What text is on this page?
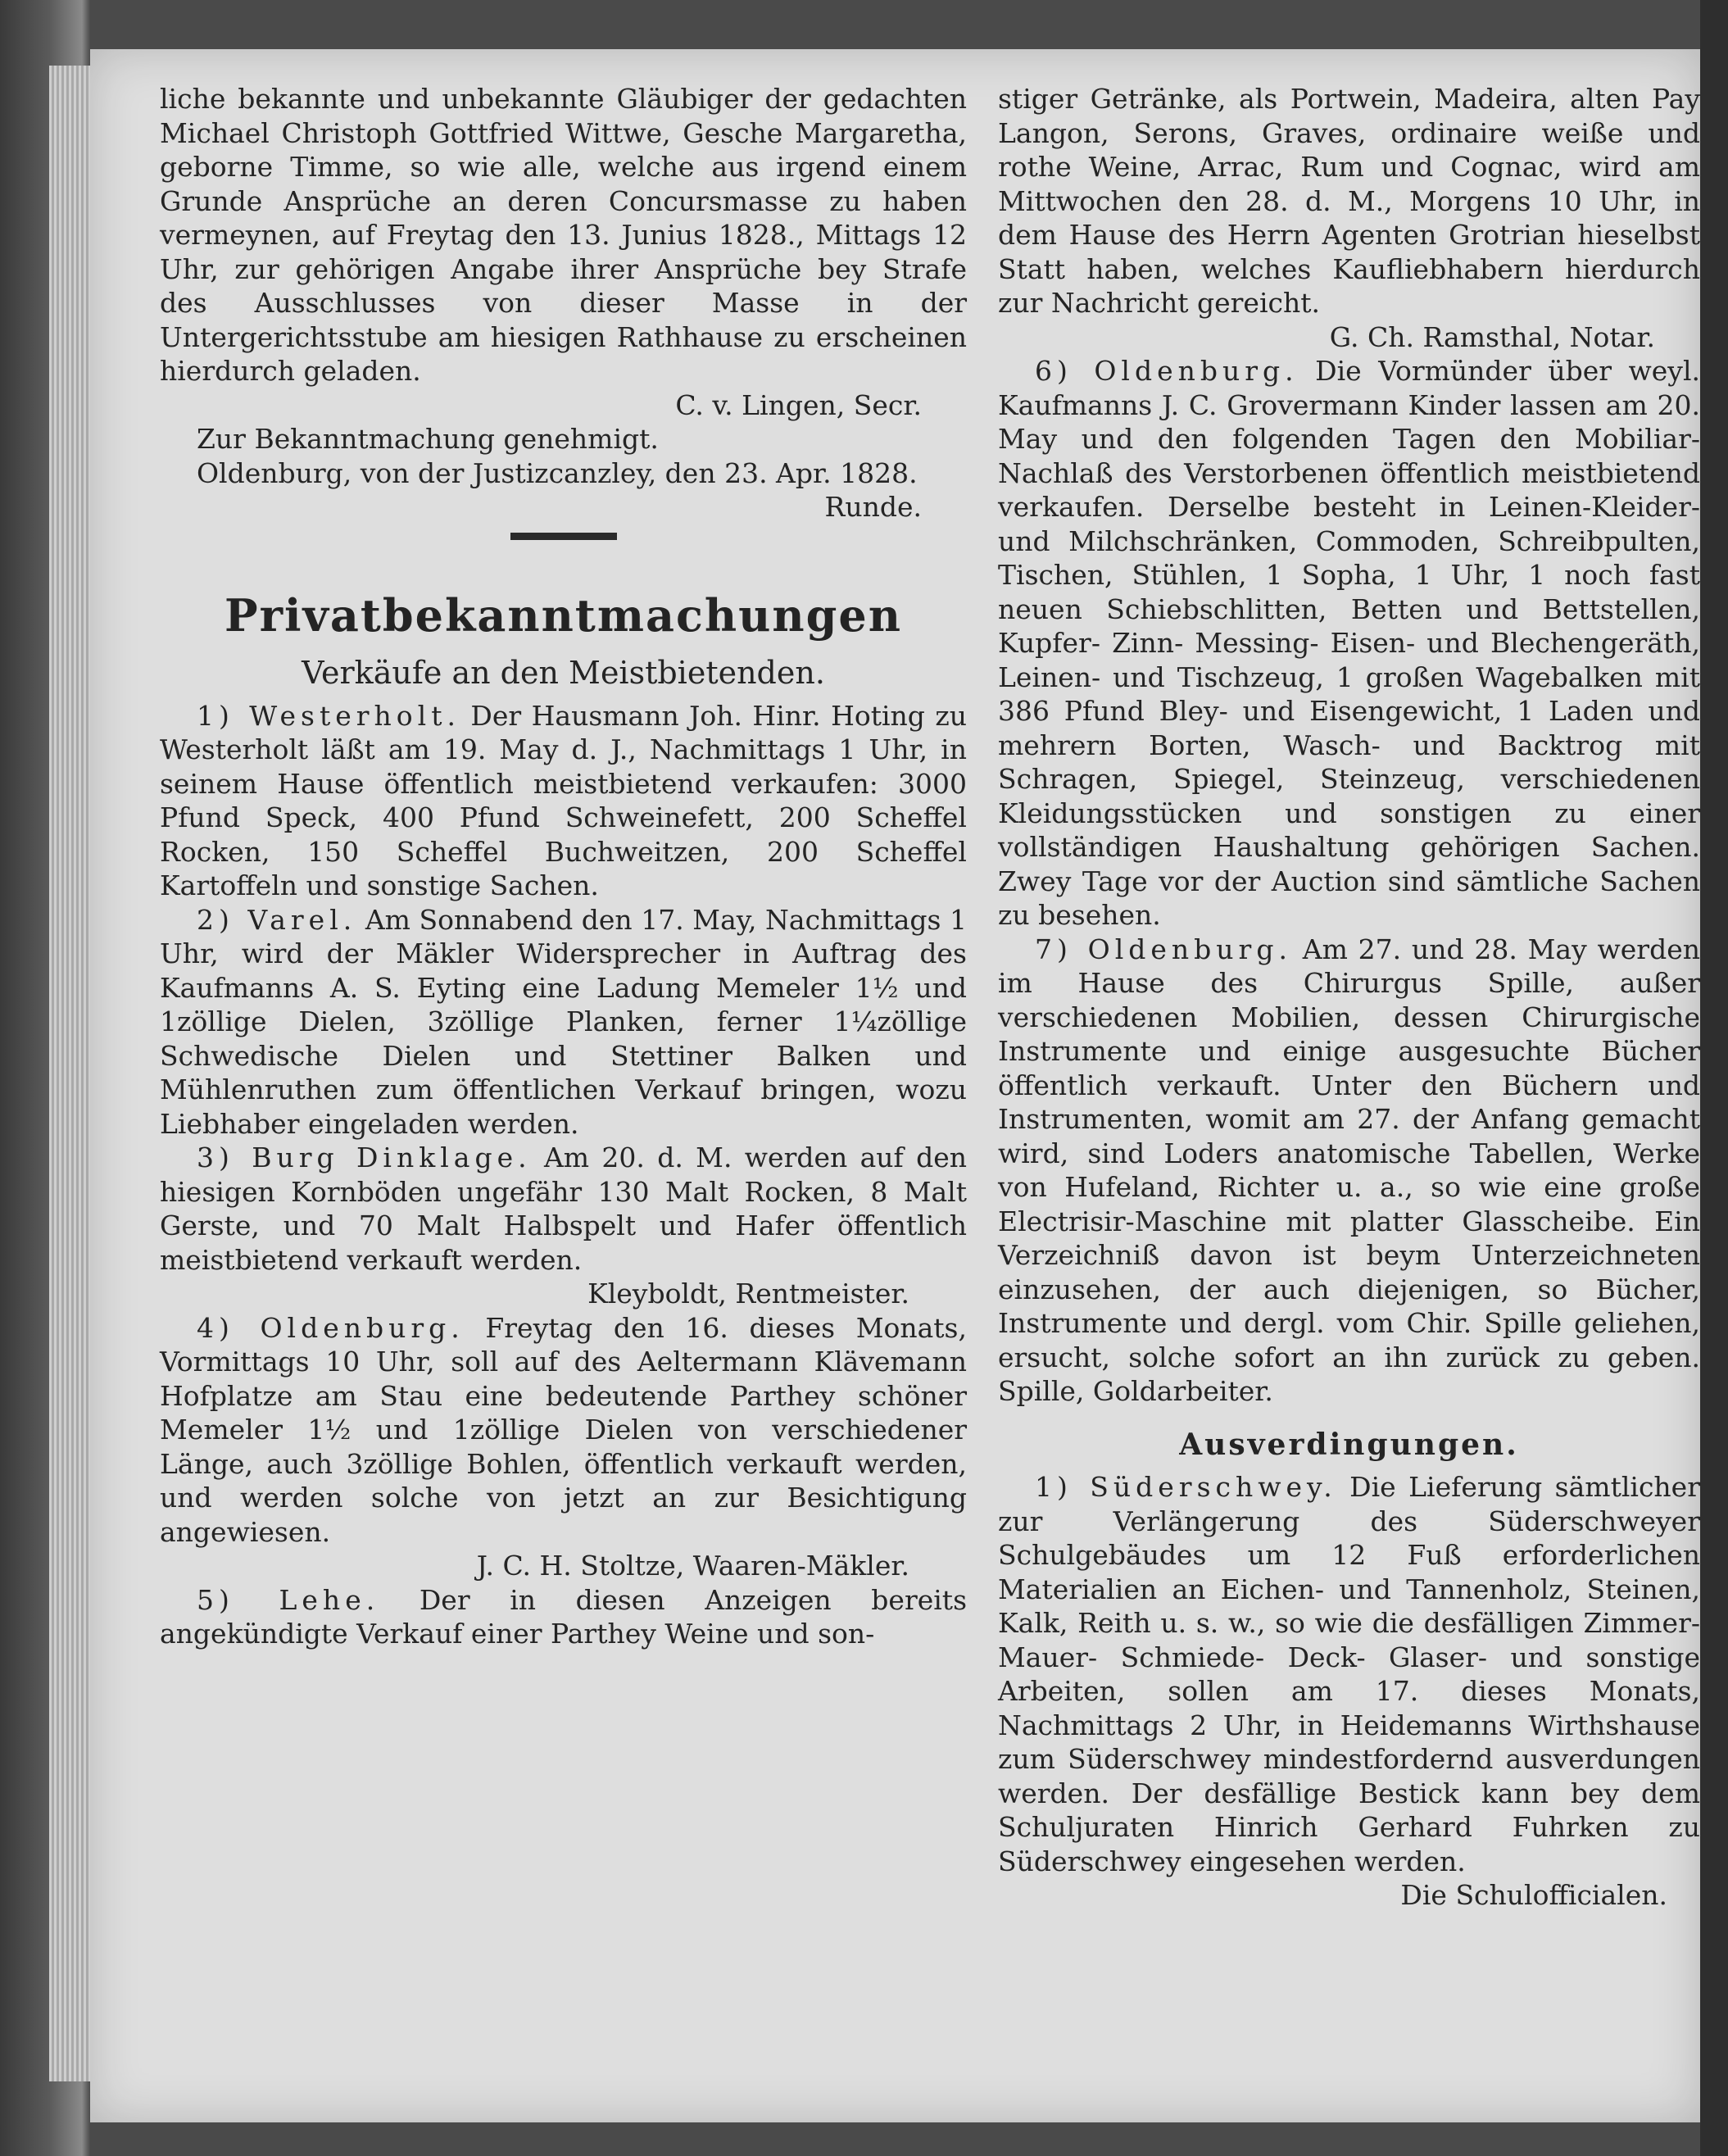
liche bekannte und unbekannte Gläubiger der gedachten Michael Christoph Gottfried Wittwe, Gesche Margaretha, geborne Timme, so wie alle, welche aus irgend einem Grunde Ansprüche an deren Concursmasse zu haben vermeynen, auf Freytag den 13. Junius 1828., Mittags 12 Uhr, zur gehörigen Angabe ihrer Ansprüche bey Strafe des Ausschlusses von dieser Masse in der Untergerichtsstube am hiesigen Rathhause zu erscheinen hierdurch geladen.

C. v. Lingen, Secr.

Zur Bekanntmachung genehmigt.

Oldenburg, von der Justizcanzley, den 23. Apr. 1828.
Runde.

Privatbekanntmachungen

Verkäufe an den Meistbietenden.

1) Westerholt. Der Hausmann Joh. Hinr. Hoting zu Westerholt läßt am 19. May d. J., Nachmittags 1 Uhr, in seinem Hause öffentlich meistbietend verkaufen: 3000 Pfund Speck, 400 Pfund Schweinefett, 200 Scheffel Rocken, 150 Scheffel Buchweitzen, 200 Scheffel Kartoffeln und sonstige Sachen.

2) Varel. Am Sonnabend den 17. May, Nachmittags 1 Uhr, wird der Mäkler Widersprecher in Auftrag des Kaufmanns A. S. Eyting eine Ladung Memeler 1½ und 1zöllige Dielen, 3zöllige Planken, ferner 1¼zöllige Schwedische Dielen und Stettiner Balken und Mühlenruthen zum öffentlichen Verkauf bringen, wozu Liebhaber eingeladen werden.

3) Burg Dinklage. Am 20. d. M. werden auf den hiesigen Kornböden ungefähr 130 Malt Rocken, 8 Malt Gerste, und 70 Malt Halbspelt und Hafer öffentlich meistbietend verkauft werden.

Kleyboldt, Rentmeister.

4) Oldenburg. Freytag den 16. dieses Monats, Vormittags 10 Uhr, soll auf des Aeltermann Klävemann Hofplatze am Stau eine bedeutende Parthey schöner Memeler 1½ und 1zöllige Dielen von verschiedener Länge, auch 3zöllige Bohlen, öffentlich verkauft werden, und werden solche von jetzt an zur Besichtigung angewiesen.

J. C. H. Stoltze, Waaren-Mäkler.

5) Lehe. Der in diesen Anzeigen bereits angekündigte Verkauf einer Parthey Weine und son-

stiger Getränke, als Portwein, Madeira, alten Pay Langon, Serons, Graves, ordinaire weiße und rothe Weine, Arrac, Rum und Cognac, wird am Mittwochen den 28. d. M., Morgens 10 Uhr, in dem Hause des Herrn Agenten Grotrian hieselbst Statt haben, welches Kaufliebhabern hierdurch zur Nachricht gereicht.

G. Ch. Ramsthal, Notar.

6) Oldenburg. Die Vormünder über weyl. Kaufmanns J. C. Grovermann Kinder lassen am 20. May und den folgenden Tagen den Mobiliar-Nachlaß des Verstorbenen öffentlich meistbietend verkaufen. Derselbe besteht in Leinen-Kleider- und Milchschränken, Commoden, Schreibpulten, Tischen, Stühlen, 1 Sopha, 1 Uhr, 1 noch fast neuen Schiebschlitten, Betten und Bettstellen, Kupfer- Zinn- Messing- Eisen- und Blechengeräth, Leinen- und Tischzeug, 1 großen Wagebalken mit 386 Pfund Bley- und Eisengewicht, 1 Laden und mehrern Borten, Wasch- und Backtrog mit Schragen, Spiegel, Steinzeug, verschiedenen Kleidungsstücken und sonstigen zu einer vollständigen Haushaltung gehörigen Sachen. Zwey Tage vor der Auction sind sämtliche Sachen zu besehen.

7) Oldenburg. Am 27. und 28. May werden im Hause des Chirurgus Spille, außer verschiedenen Mobilien, dessen Chirurgische Instrumente und einige ausgesuchte Bücher öffentlich verkauft. Unter den Büchern und Instrumenten, womit am 27. der Anfang gemacht wird, sind Loders anatomische Tabellen, Werke von Hufeland, Richter u. a., so wie eine große Electrisir-Maschine mit platter Glasscheibe. Ein Verzeichniß davon ist beym Unterzeichneten einzusehen, der auch diejenigen, so Bücher, Instrumente und dergl. vom Chir. Spille geliehen, ersucht, solche sofort an ihn zurück zu geben. Spille, Goldarbeiter.

Ausverdingungen.

1) Süderschwey. Die Lieferung sämtlicher zur Verlängerung des Süderschweyer Schulgebäudes um 12 Fuß erforderlichen Materialien an Eichen- und Tannenholz, Steinen, Kalk, Reith u. s. w., so wie die desfälligen Zimmer- Mauer- Schmiede- Deck- Glaser- und sonstige Arbeiten, sollen am 17. dieses Monats, Nachmittags 2 Uhr, in Heidemanns Wirthshause zum Süderschwey mindestfordernd ausverdungen werden. Der desfällige Bestick kann bey dem Schuljuraten Hinrich Gerhard Fuhrken zu Süderschwey eingesehen werden.
Die Schulofficialen.
